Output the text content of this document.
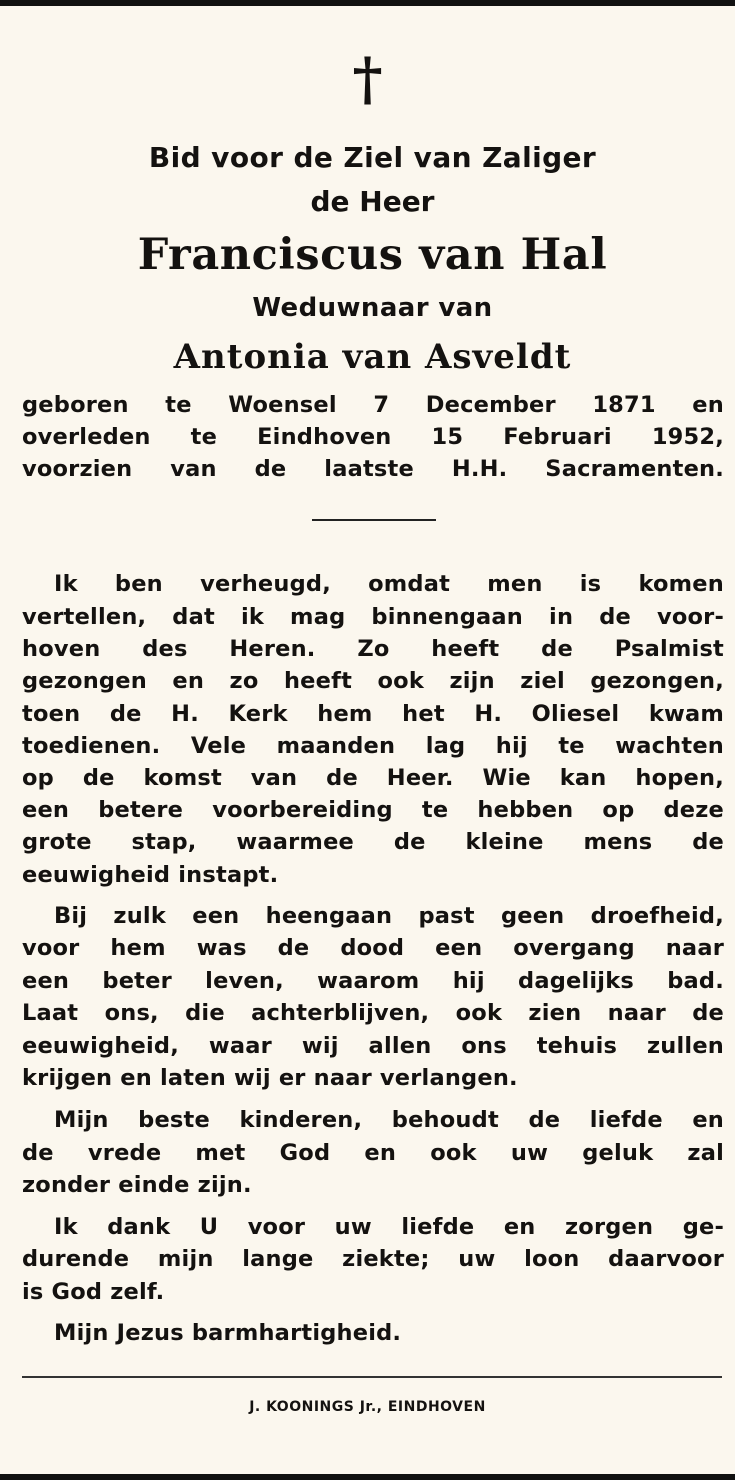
†
Bid voor de Ziel van Zaliger
de Heer
Franciscus van Hal
Weduwnaar van
Antonia van Asveldt
geboren te Woensel 7 December 1871 en
overleden te Eindhoven 15 Februari 1952,
voorzien van de laatste H.H. Sacramenten.
Ik ben verheugd, omdat men is komen
vertellen, dat ik mag binnengaan in de voor-
hoven des Heren. Zo heeft de Psalmist
gezongen en zo heeft ook zijn ziel gezongen,
toen de H. Kerk hem het H. Oliesel kwam
toedienen. Vele maanden lag hij te wachten
op de komst van de Heer. Wie kan hopen,
een betere voorbereiding te hebben op deze
grote stap, waarmee de kleine mens de
eeuwigheid instapt.
Bij zulk een heengaan past geen droefheid,
voor hem was de dood een overgang naar
een beter leven, waarom hij dagelijks bad.
Laat ons, die achterblijven, ook zien naar de
eeuwigheid, waar wij allen ons tehuis zullen
krijgen en laten wij er naar verlangen.
Mijn beste kinderen, behoudt de liefde en
de vrede met God en ook uw geluk zal
zonder einde zijn.
Ik dank U voor uw liefde en zorgen ge-
durende mijn lange ziekte; uw loon daarvoor
is God zelf.
Mijn Jezus barmhartigheid.
J. KOONINGS Jr., EINDHOVEN
